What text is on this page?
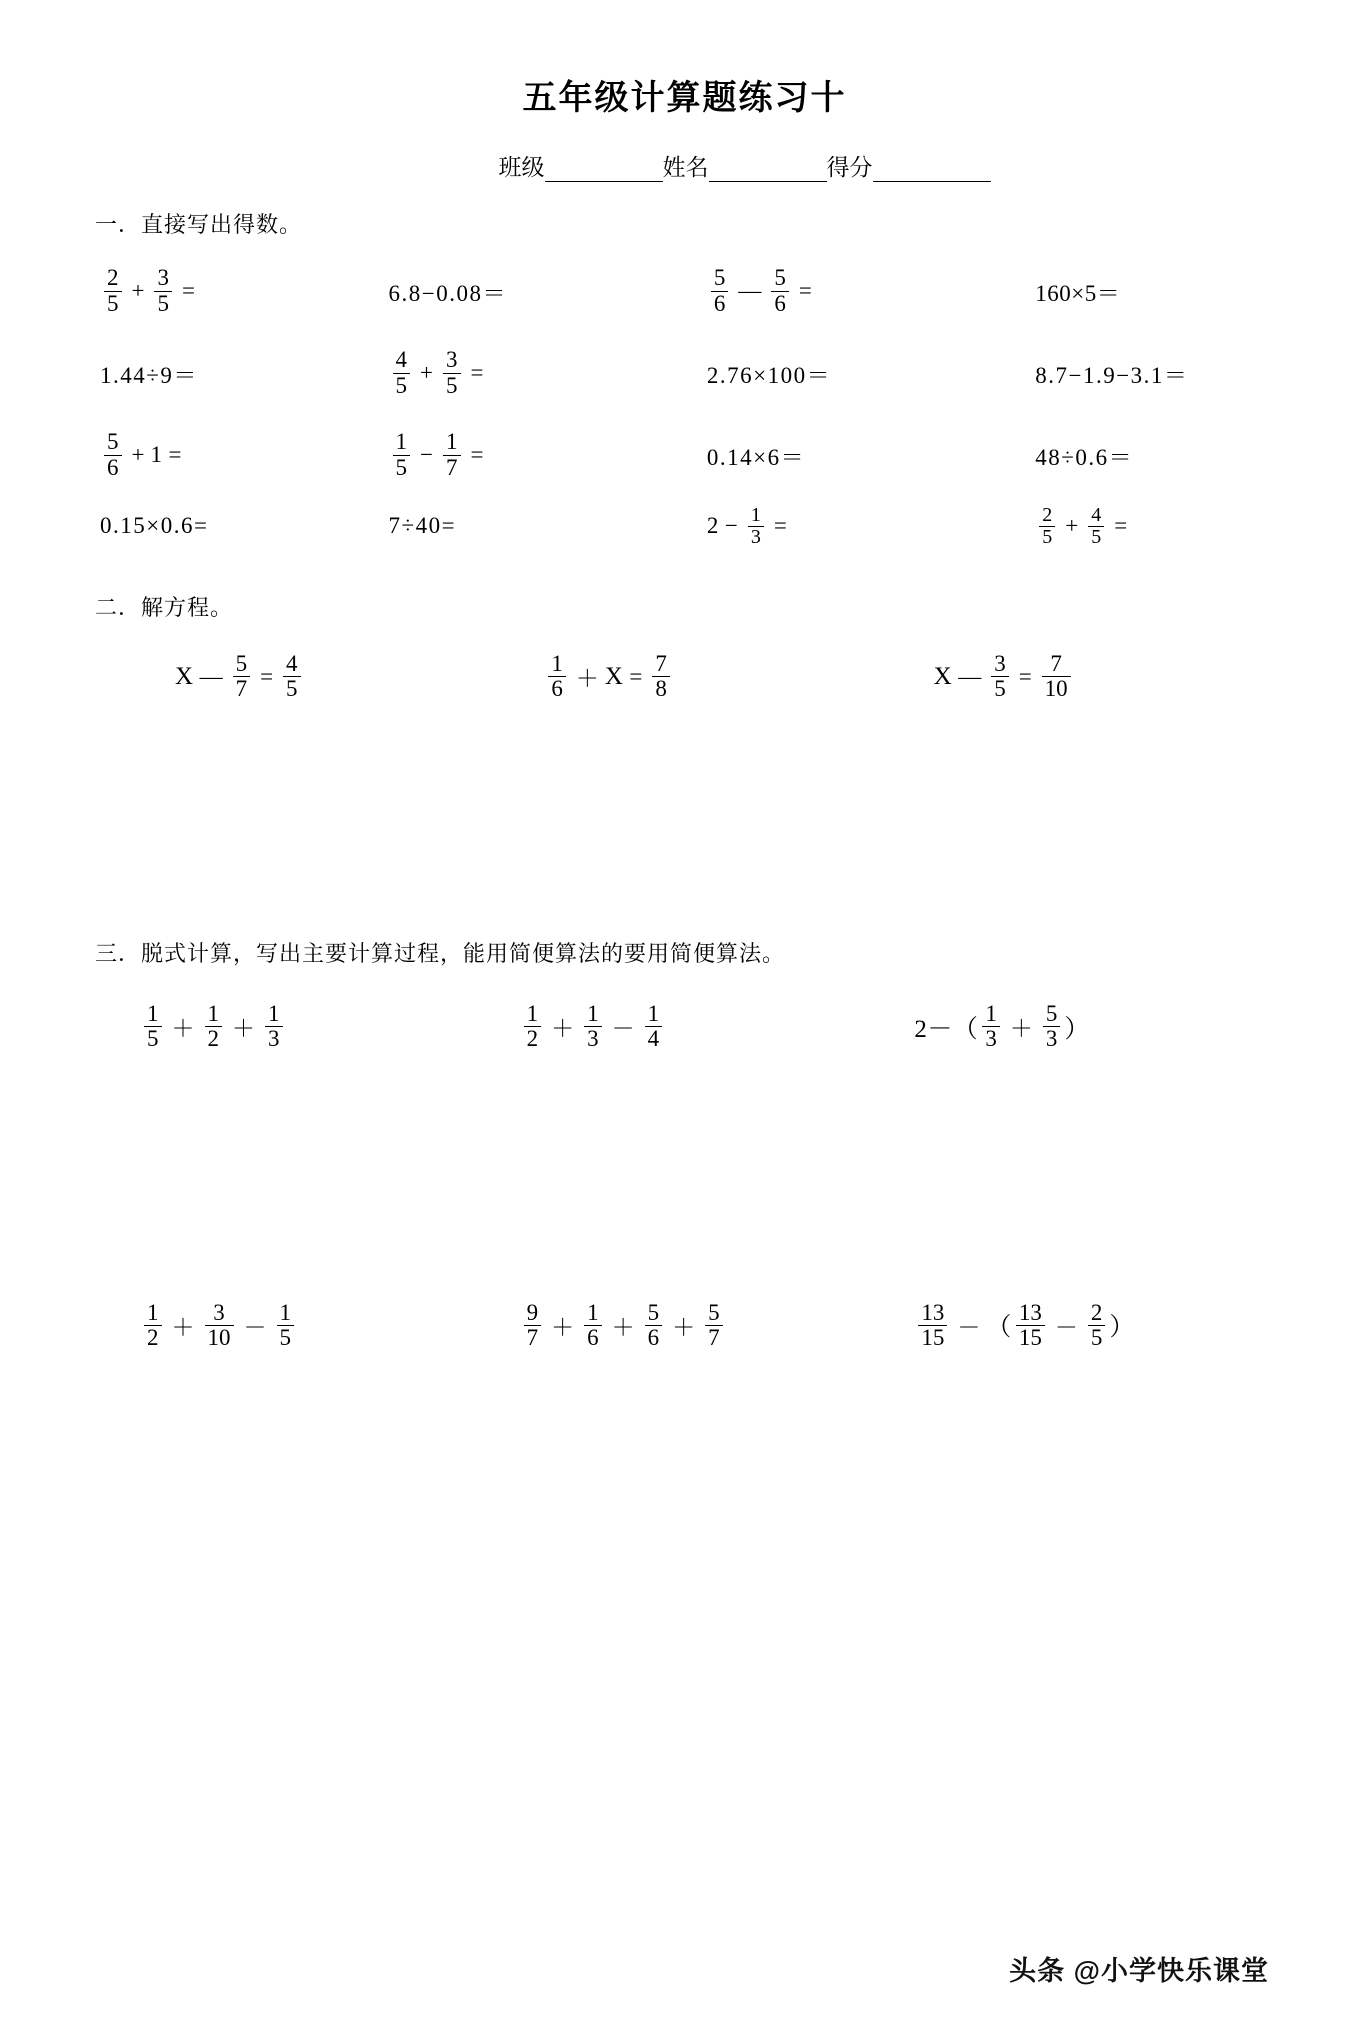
五年级计算题练习十
班级	姓名	得分
一．直接写出得数。
$\frac{2}{5} + \frac{3}{5}$ =	6.8−0.08＝	$\frac{5}{6}$ — $\frac{5}{6}$ =	160×5＝
1.44÷9＝	$\frac{4}{5} + \frac{3}{5}$ =	2.76×100＝	8.7−1.9−3.1＝
$\frac{5}{6} + 1$ =	$\frac{1}{5} - \frac{1}{7}$ =	0.14×6＝	48÷0.6＝
0.15×0.6=	7÷40=	$2 - \frac{1}{3}$ =	$\frac{2}{5} + \frac{4}{5}$ =
二．解方程。
X — $\frac{5}{7} = \frac{4}{5}$	$\frac{1}{6} + X = \frac{7}{8}$	X — $\frac{3}{5} = \frac{7}{10}$
三．脱式计算，写出主要计算过程，能用简便算法的要用简便算法。
$\frac{1}{5} + \frac{1}{2} + \frac{1}{3}$	$\frac{1}{2} + \frac{1}{3} - \frac{1}{4}$	$2-( \frac{1}{3} + \frac{5}{3}$ ）
$\frac{1}{2} + \frac{3}{10} - \frac{1}{5}$	$\frac{9}{7} + \frac{1}{6} + \frac{5}{6} + \frac{5}{7}$	$\frac{13}{15}$ － （ $\frac{13}{15} - \frac{2}{5}$ ）
头条 @小学快乐课堂
